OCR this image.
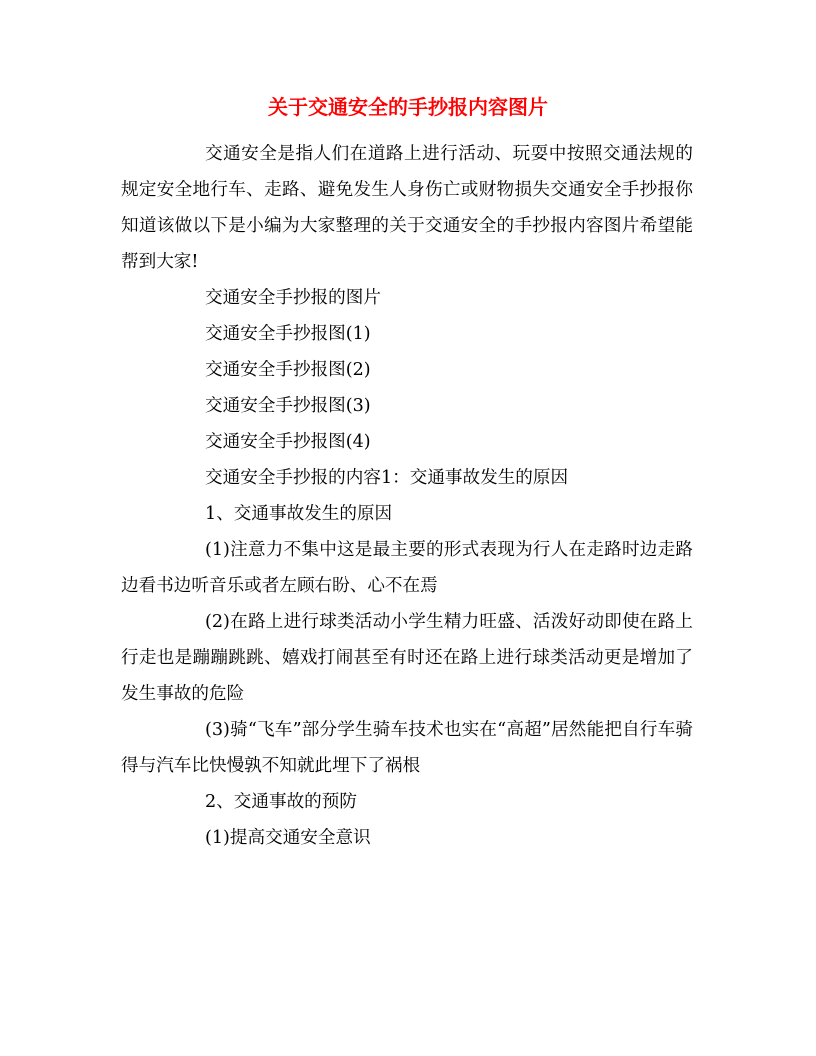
关于交通安全的手抄报内容图片

交通安全是指人们在道路上进行活动、玩耍中按照交通法规的规定安全地行车、走路、避免发生人身伤亡或财物损失交通安全手抄报你知道该做以下是小编为大家整理的关于交通安全的手抄报内容图片希望能帮到大家!

交通安全手抄报的图片

交通安全手抄报图(1)

交通安全手抄报图(2)

交通安全手抄报图(3)

交通安全手抄报图(4)

交通安全手抄报的内容1：交通事故发生的原因

1、交通事故发生的原因

(1)注意力不集中这是最主要的形式表现为行人在走路时边走路边看书边听音乐或者左顾右盼、心不在焉

(2)在路上进行球类活动小学生精力旺盛、活泼好动即使在路上行走也是蹦蹦跳跳、嬉戏打闹甚至有时还在路上进行球类活动更是增加了发生事故的危险

(3)骑“飞车”部分学生骑车技术也实在“高超”居然能把自行车骑得与汽车比快慢孰不知就此埋下了祸根

2、交通事故的预防

(1)提高交通安全意识
